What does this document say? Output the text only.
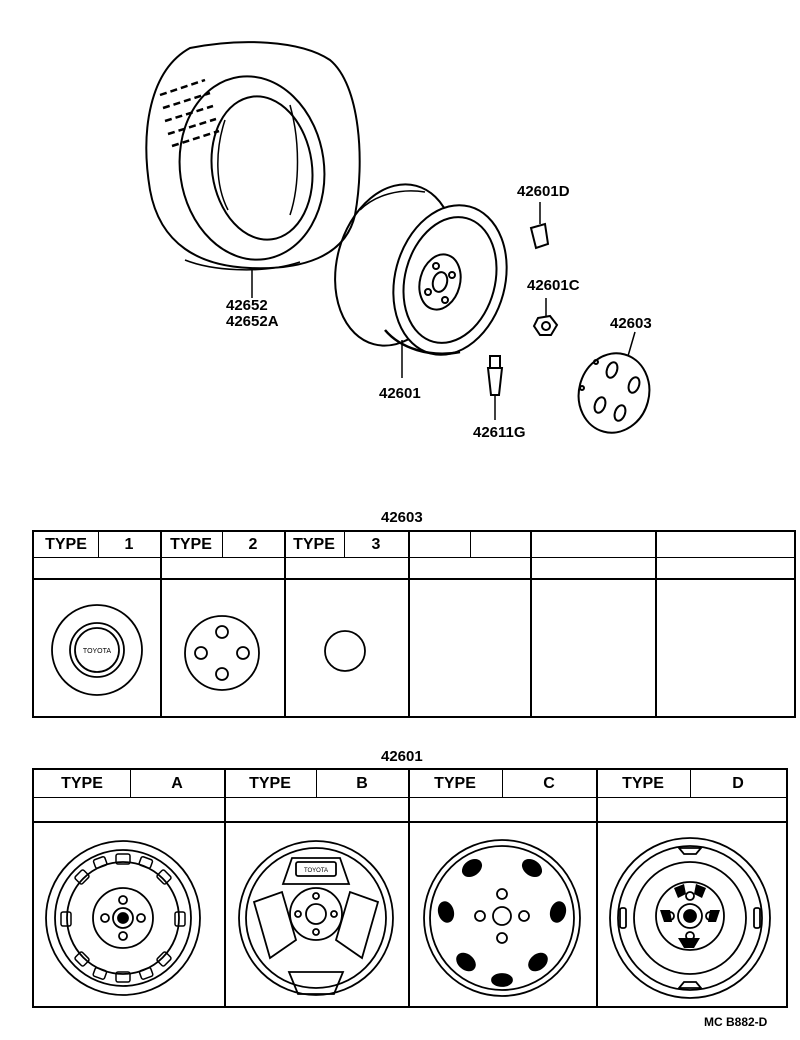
42652
42652A
42601
42601D
42601C
42603
42611G
42603
TYPE	1	TYPE	2	TYPE	3
TOYOTA
42601
TYPE	A	TYPE	B	TYPE	C	TYPE	D
TOYOTA
MC B882-D
